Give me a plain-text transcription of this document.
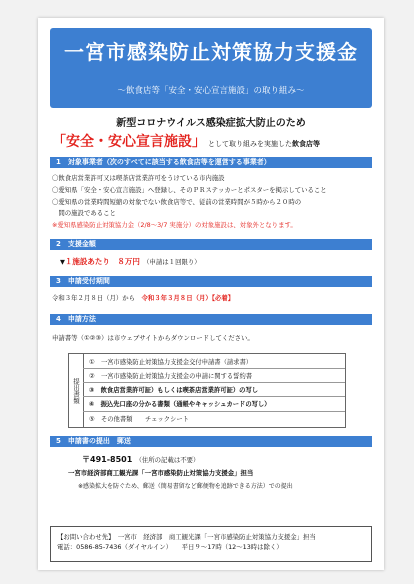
一宮市感染防止対策協力支援金
～飲食店等「安全・安心宣言施設」の取り組み～
新型コロナウイルス感染症拡大防止のため
「安全・安心宣言施設」 として取り組みを実施した飲食店等
1　対象事業者（次のすべてに該当する飲食店等を運営する事業者）
〇飲食店営業許可又は喫茶店営業許可をうけている市内施設
〇愛知県「安全・安心宣言施設」へ登録し、そのＰＲステッカーとポスターを掲示していること
〇愛知県の営業時間短縮の対象でない飲食店等で、従前の営業時間が５時から２０時の
　間の施設であること
※愛知県感染防止対策協力金（2/8～3/7 実施分）の対象施設は、対象外となります。
2　支援金額
▼１施設あたり　８万円　 （申請は１回限り）
3　申請受付期間
令和３年２月８日（月）から　 令和３年３月８日（月）【必着】
4　申請方法
申請書等（①②③）は市ウェブサイトからダウンロードしてください。
提出書類
①　一宮市感染防止対策協力支援金交付申請書（請求書）
②　一宮市感染防止対策協力支援金の申請に関する誓約書
③　飲食店営業許可証）もしくは喫茶店営業許可証）の写し
④　振込先口座の分かる書類（通帳やキャッシュカードの写し）
⑤　その他書類　　チェックシート
5　申請書の提出　郵送
〒491-8501　 （住所の記載は不要）
一宮市経済部商工観光課「一宮市感染防止対策協力支援金」担当
※感染拡大を防ぐため、郵送（簡易書留など郵便物を追跡できる方法）での提出
【お問い合わせ先】　一宮市　経済部　商工観光課「一宮市感染防止対策協力支援金」担当
電話：0586-85-7436（ダイヤルイン）　　平日９～17時（12～13時は除く）
